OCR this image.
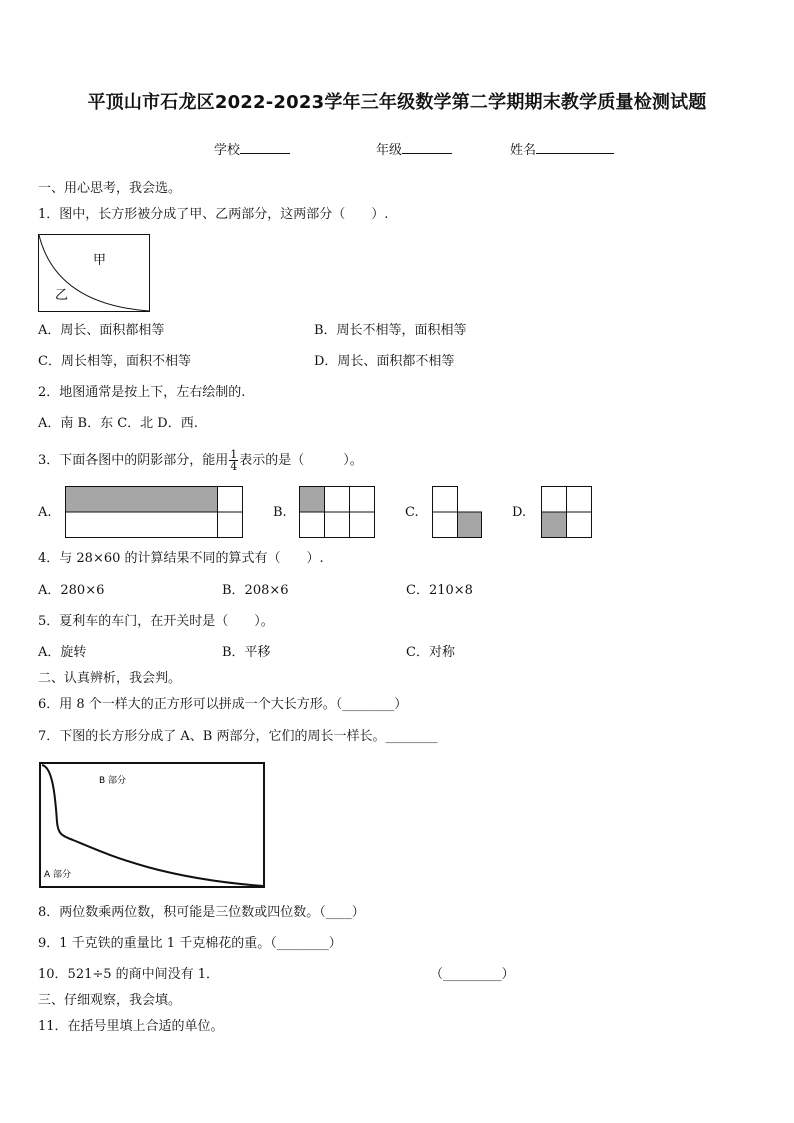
平顶山市石龙区2022-2023学年三年级数学第二学期期末教学质量检测试题
学校	年级	姓名
一、用心思考，我会选。
1．图中，长方形被分成了甲、乙两部分，这两部分（　　）.
甲
乙
A．周长、面积都相等	B．周长不相等，面积相等
C．周长相等，面积不相等	D．周长、面积都不相等
2．地图通常是按上下，左右绘制的.
A．南 B．东 C．北 D．西.
3．下面各图中的阴影部分，能用 $\frac{1}{4}$ 表示的是（　　　）。
A.	B.	C.	D.
4．与 28×60 的计算结果不同的算式有（　　）.
A．280×6	B．208×6	C．210×8
5．夏利车的车门，在开关时是（　　）。
A．旋转	B．平移	C．对称
二、认真辨析，我会判。
6．用 8 个一样大的正方形可以拼成一个大长方形。（________）
7．下图的长方形分成了 A、B 两部分，它们的周长一样长。________
B 部分
A 部分
8．两位数乘两位数，积可能是三位数或四位数。（____）
9．1 千克铁的重量比 1 千克棉花的重。（________）
10．521÷5 的商中间没有 1．	（_________）
三、仔细观察，我会填。
11．在括号里填上合适的单位。
